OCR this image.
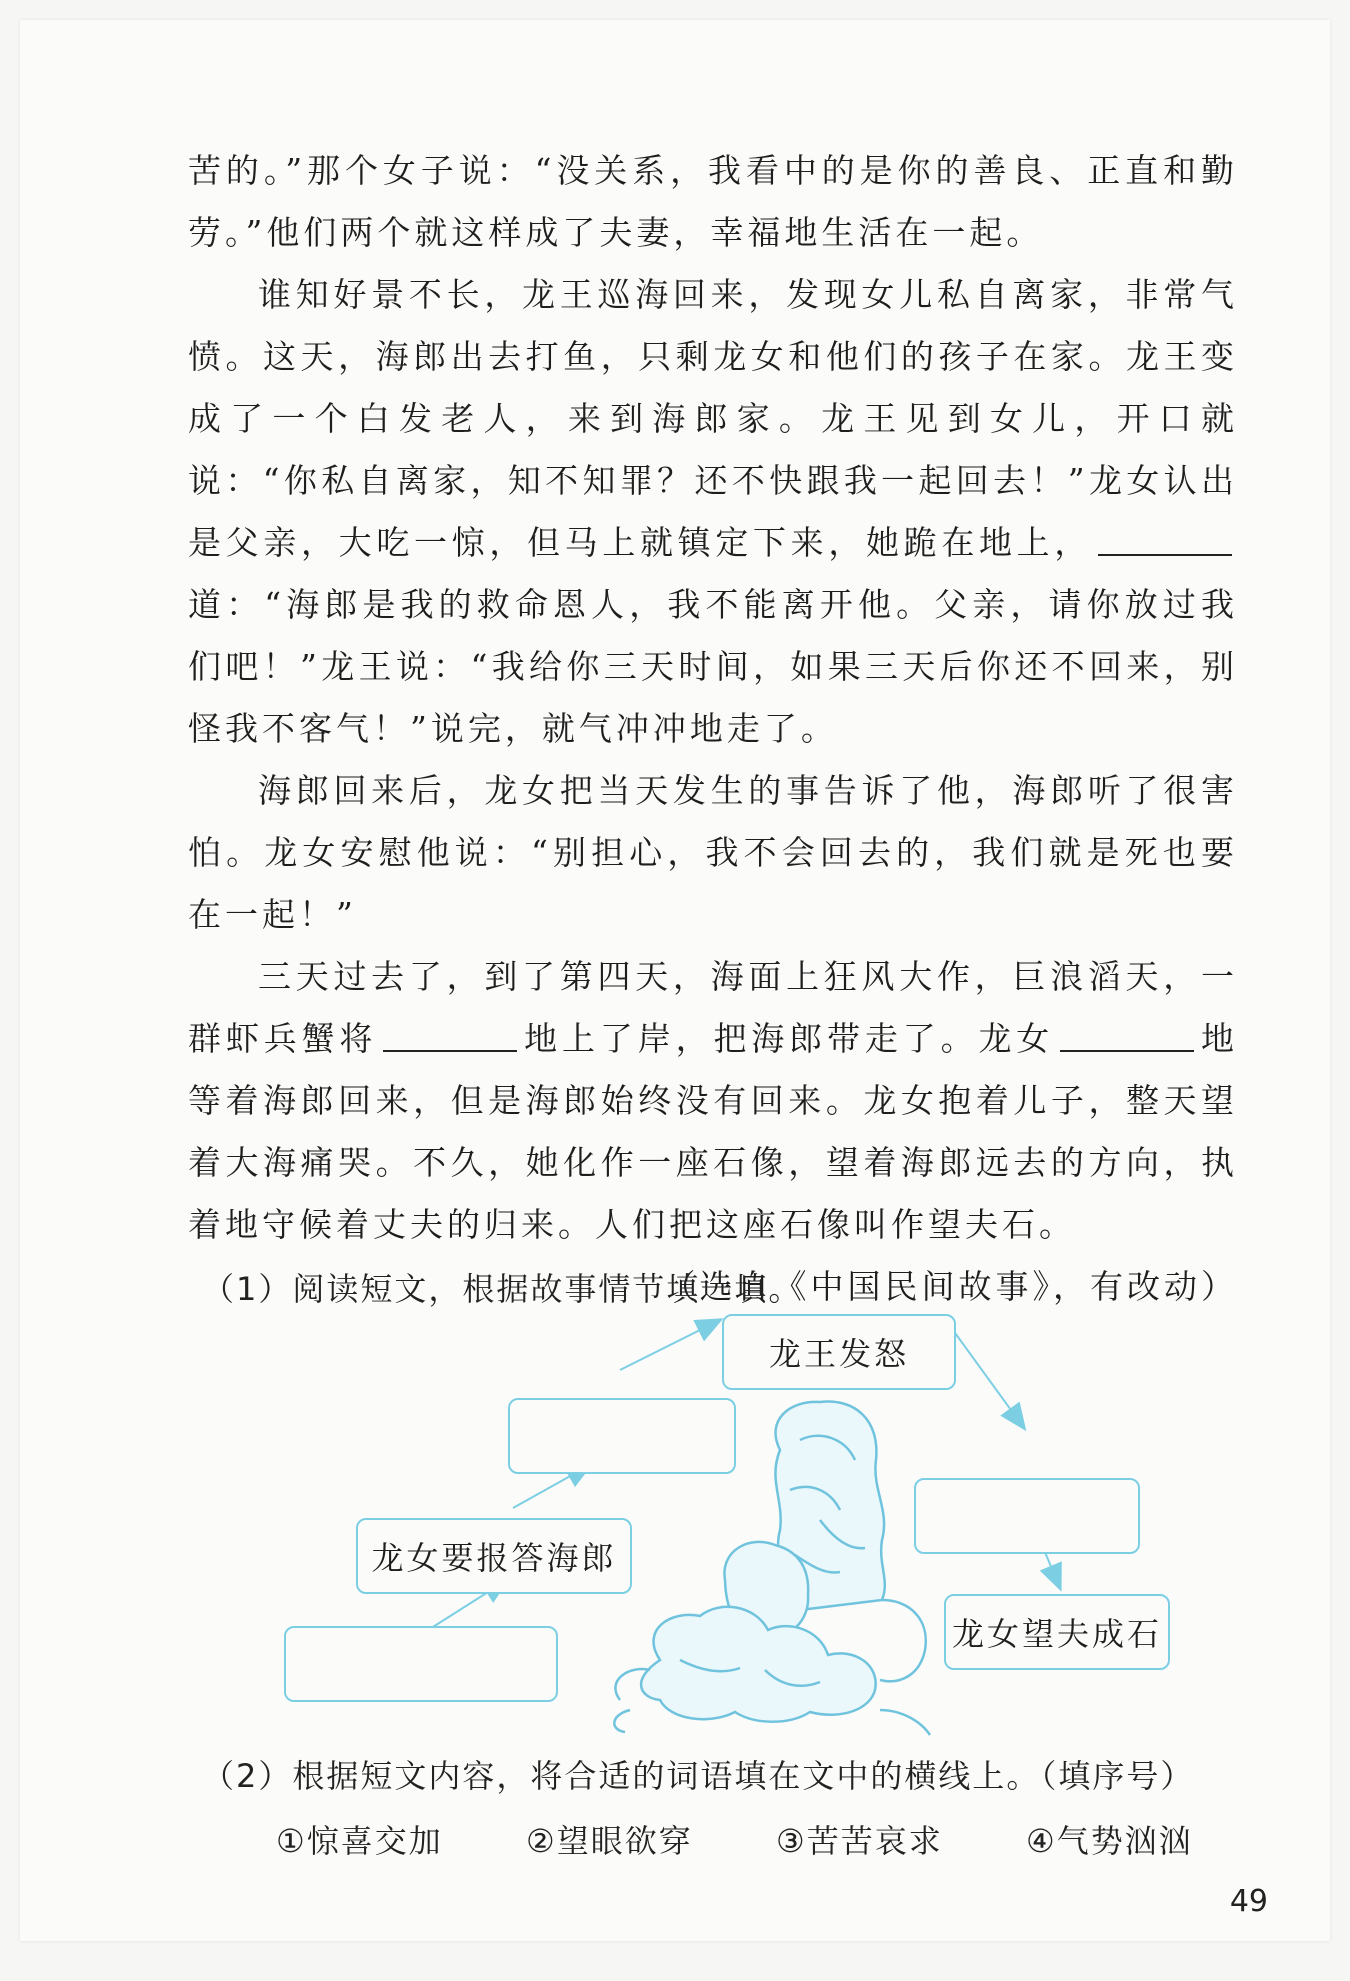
苦的。”那个女子说：“没关系，我看中的是你的善良、正直和勤劳。”他们两个就这样成了夫妻，幸福地生活在一起。

谁知好景不长，龙王巡海回来，发现女儿私自离家，非常气愤。这天，海郎出去打鱼，只剩龙女和他们的孩子在家。龙王变成了一个白发老人，来到海郎家。龙王见到女儿，开口就说：“你私自离家，知不知罪？还不快跟我一起回去！”龙女认出是父亲，大吃一惊，但马上就镇定下来，她跪在地上，道：“海郎是我的救命恩人，我不能离开他。父亲，请你放过我们吧！”龙王说：“我给你三天时间，如果三天后你还不回来，别怪我不客气！”说完，就气冲冲地走了。

海郎回来后，龙女把当天发生的事告诉了他，海郎听了很害怕。龙女安慰他说：“别担心，我不会回去的，我们就是死也要在一起！”

三天过去了，到了第四天，海面上狂风大作，巨浪滔天，一群虾兵蟹将	地上了岸，把海郎带走了。龙女	地等着海郎回来，但是海郎始终没有回来。龙女抱着儿子，整天望着大海痛哭。不久，她化作一座石像，望着海郎远去的方向，执着地守候着丈夫的归来。人们把这座石像叫作望夫石。

（选自《中国民间故事》，有改动）

（1）阅读短文，根据故事情节填一填。

龙王发怒
龙女要报答海郎
龙女望夫成石

（2）根据短文内容，将合适的词语填在文中的横线上。（填序号）

①惊喜交加	②望眼欲穿	③苦苦哀求	④气势汹汹
49
